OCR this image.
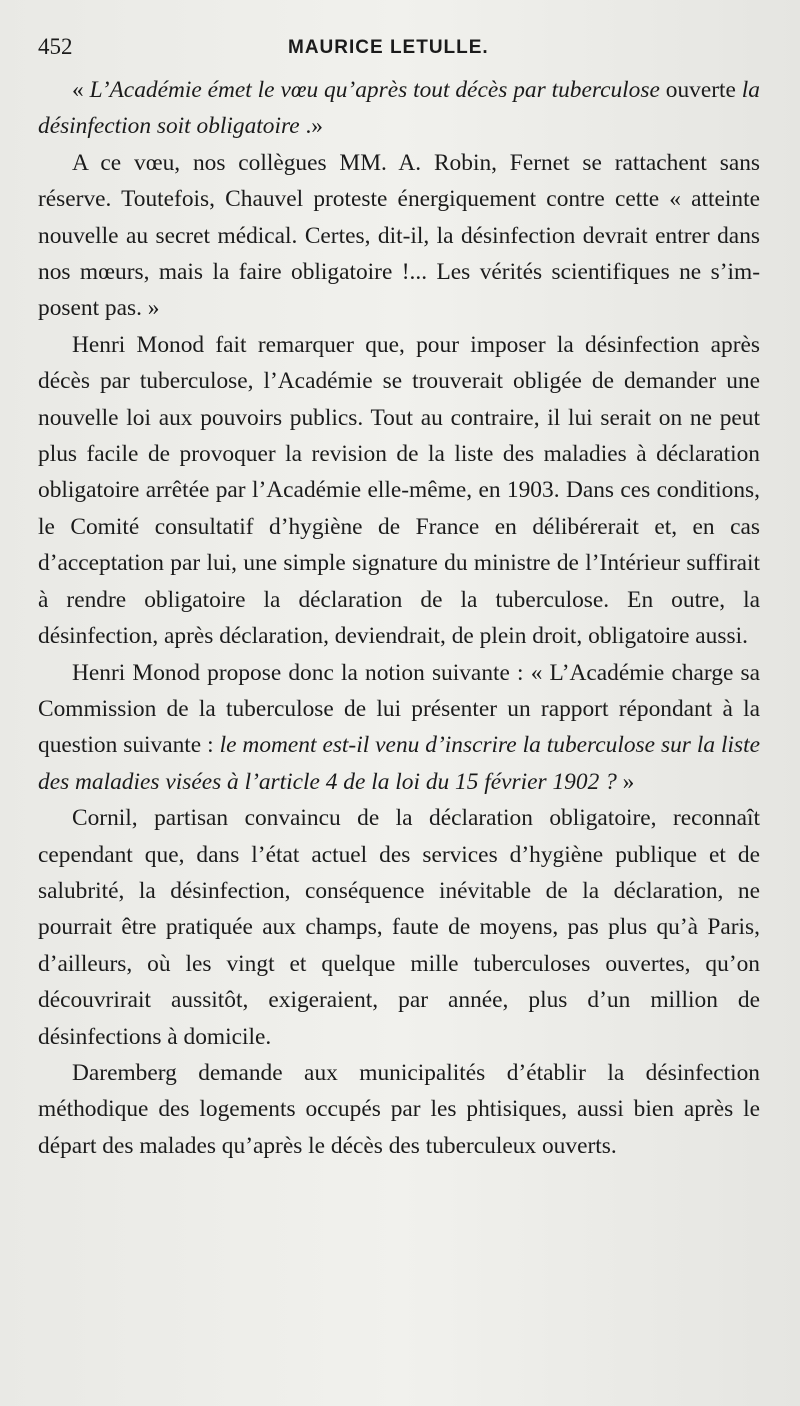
452	MAURICE LETULLE.

« L’Académie émet le vœu qu’après tout décès par tuberculose ouverte la désinfection soit obligatoire .»

A ce vœu, nos collègues MM. A. Robin, Fernet se rattachent sans réserve. Toutefois, Chauvel proteste énergiquement contre cette « atteinte nouvelle au secret médical. Certes, dit-il, la désinfection devrait entrer dans nos mœurs, mais la faire obligatoire !... Les vérités scientifiques ne s’imposent pas. »

Henri Monod fait remarquer que, pour imposer la désinfection après décès par tuberculose, l’Académie se trouverait obligée de demander une nouvelle loi aux pouvoirs publics. Tout au contraire, il lui serait on ne peut plus facile de provoquer la revision de la liste des maladies à déclaration obligatoire arrêtée par l’Académie elle-même, en 1903. Dans ces conditions, le Comité consultatif d’hygiène de France en délibérerait et, en cas d’acceptation par lui, une simple signature du ministre de l’Intérieur suffirait à rendre obligatoire la déclaration de la tuberculose. En outre, la désinfection, après déclaration, deviendrait, de plein droit, obligatoire aussi.

Henri Monod propose donc la notion suivante : « L’Académie charge sa Commission de la tuberculose de lui présenter un rapport répondant à la question suivante : le moment est-il venu d’inscrire la tuberculose sur la liste des maladies visées à l’article 4 de la loi du 15 février 1902 ? »

Cornil, partisan convaincu de la déclaration obligatoire, reconnaît cependant que, dans l’état actuel des services d’hygiène publique et de salubrité, la désinfection, conséquence inévitable de la déclaration, ne pourrait être pratiquée aux champs, faute de moyens, pas plus qu’à Paris, d’ailleurs, où les vingt et quelque mille tuberculoses ouvertes, qu’on découvrirait aussitôt, exigeraient, par année, plus d’un million de désinfections à domicile.

Daremberg demande aux municipalités d’établir la désinfection méthodique des logements occupés par les phtisiques, aussi bien après le départ des malades qu’après le décès des tuberculeux ouverts.
